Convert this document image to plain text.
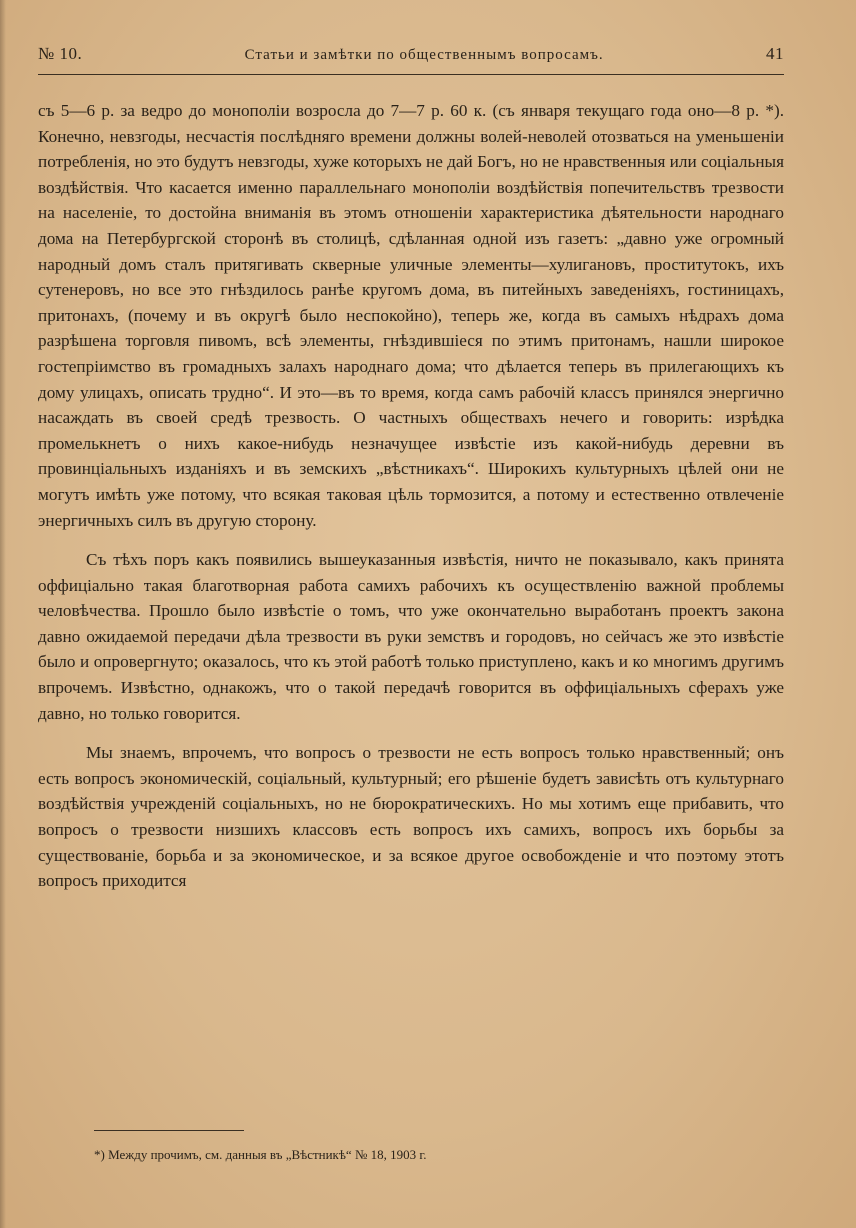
№ 10.	Статьи и замѣтки по общественнымъ вопросамъ.	41

съ 5—6 р. за ведро до монополіи возросла до 7—7 р. 60 к. (съ января текущаго года оно—8 р. *). Конечно, невзгоды, несчастія послѣдняго времени должны волей-неволей отозваться на уменьшеніи потребленія, но это будутъ невзгоды, хуже которыхъ не дай Богъ, но не нравственныя или соціальныя воздѣйствія. Что касается именно параллельнаго монополіи воздѣйствія попечительствъ трезвости на населеніе, то достойна вниманія въ этомъ отношеніи характеристика дѣятельности народнаго дома на Петербургской сторонѣ въ столицѣ, сдѣланная одной изъ газетъ: „давно уже огромный народный домъ сталъ притягивать скверные уличные элементы—хулигановъ, проститутокъ, ихъ сутенеровъ, но все это гнѣздилось ранѣе кругомъ дома, въ питейныхъ заведеніяхъ, гостиницахъ, притонахъ, (почему и въ округѣ было неспокойно), теперь же, когда въ самыхъ нѣдрахъ дома разрѣшена торговля пивомъ, всѣ элементы, гнѣздившіеся по этимъ притонамъ, нашли широкое гостепріимство въ громадныхъ залахъ народнаго дома; что дѣлается теперь въ прилегающихъ къ дому улицахъ, описать трудно“. И это—въ то время, когда самъ рабочій классъ принялся энергично насаждать въ своей средѣ трезвость. О частныхъ обществахъ нечего и говорить: изрѣдка промелькнетъ о нихъ какое-нибудь незначущее извѣстіе изъ какой-нибудь деревни въ провинціальныхъ изданіяхъ и въ земскихъ „вѣстникахъ“. Широкихъ культурныхъ цѣлей они не могутъ имѣть уже потому, что всякая таковая цѣль тормозится, а потому и естественно отвлеченіе энергичныхъ силъ въ другую сторону.

Съ тѣхъ поръ какъ появились вышеуказанныя извѣстія, ничто не показывало, какъ принята оффиціально такая благотворная работа самихъ рабочихъ къ осуществленію важной проблемы человѣчества. Прошло было извѣстіе о томъ, что уже окончательно выработанъ проектъ закона давно ожидаемой передачи дѣла трезвости въ руки земствъ и городовъ, но сейчасъ же это извѣстіе было и опровергнуто; оказалось, что къ этой работѣ только приступлено, какъ и ко многимъ другимъ впрочемъ. Извѣстно, однакожъ, что о такой передачѣ говорится въ оффиціальныхъ сферахъ уже давно, но только говорится.

Мы знаемъ, впрочемъ, что вопросъ о трезвости не есть вопросъ только нравственный; онъ есть вопросъ экономическій, соціальный, культурный; его рѣшеніе будетъ зависѣть отъ культурнаго воздѣйствія учрежденій соціальныхъ, но не бюрократическихъ. Но мы хотимъ еще прибавить, что вопросъ о трезвости низшихъ классовъ есть вопросъ ихъ самихъ, вопросъ ихъ борьбы за существованіе, борьба и за экономическое, и за всякое другое освобожденіе и что поэтому этотъ вопросъ приходится

*) Между прочимъ, см. данныя въ „Вѣстникѣ“ № 18, 1903 г.
